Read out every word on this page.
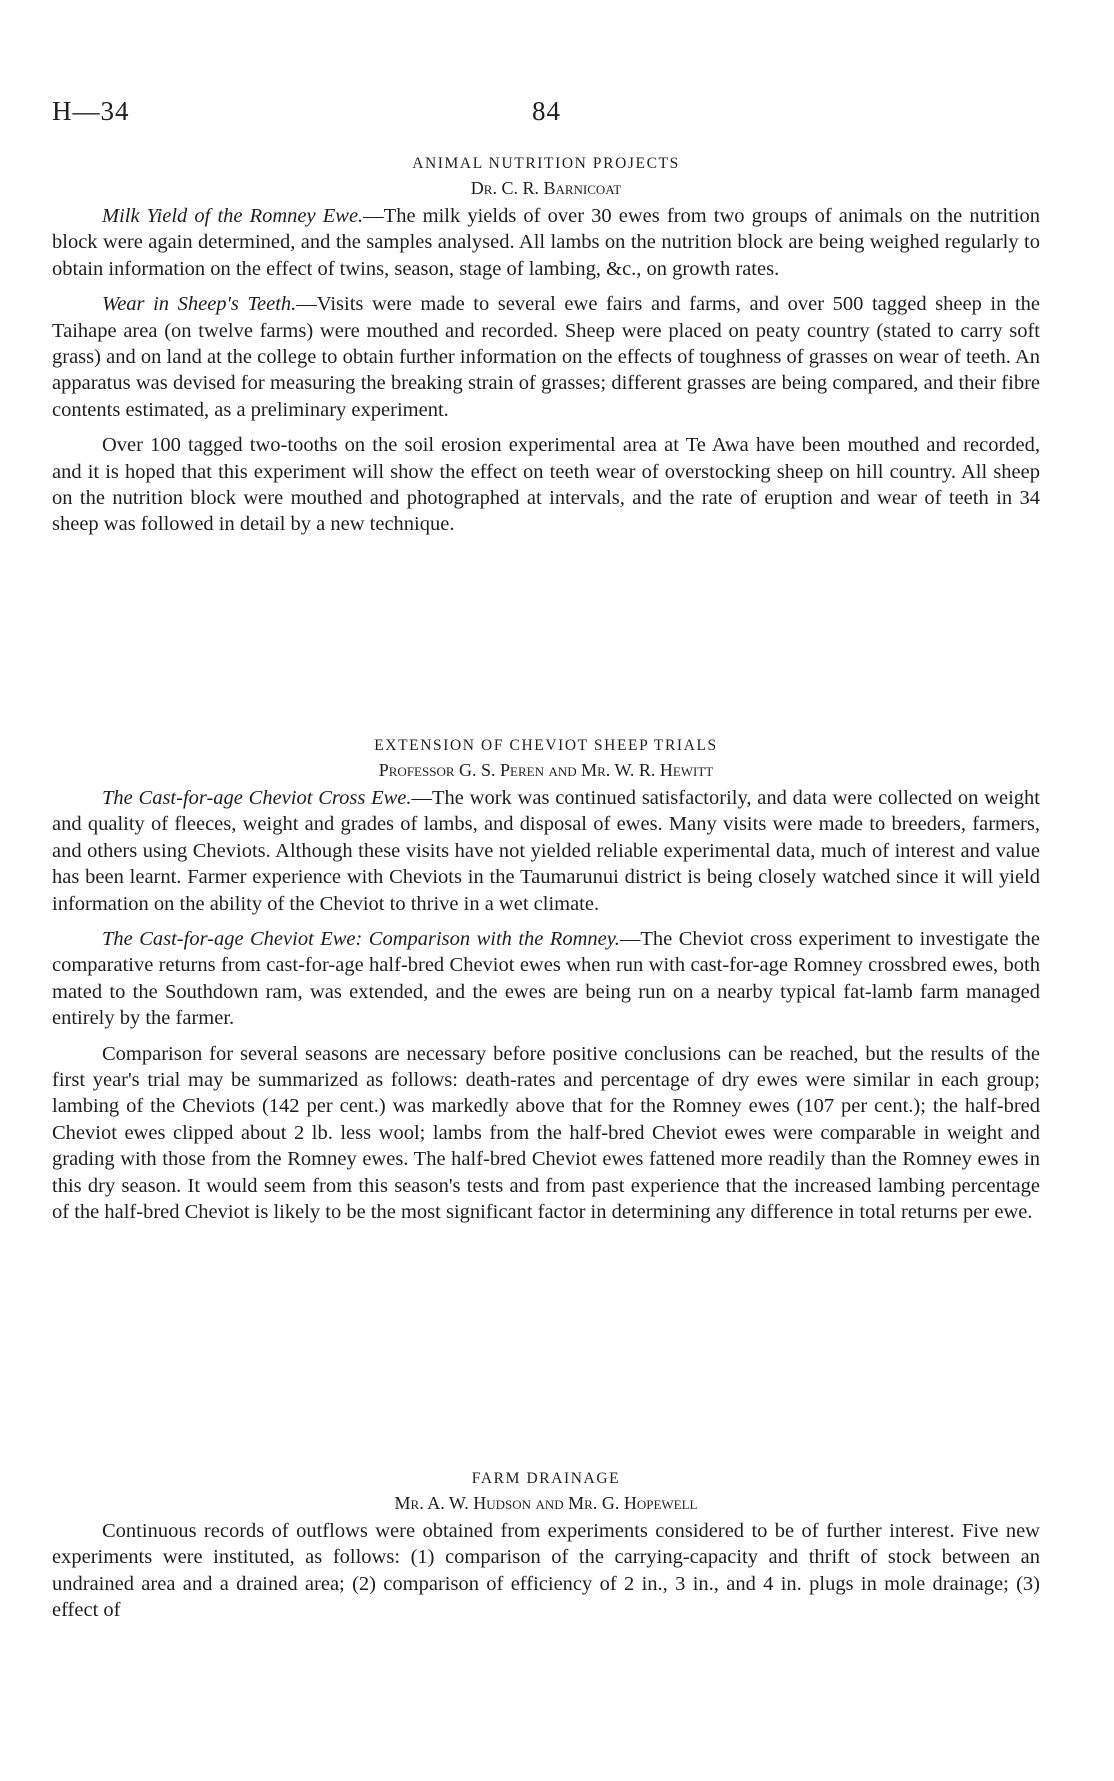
H—34	84
ANIMAL NUTRITION PROJECTS
Dr. C. R. Barnicoat

Milk Yield of the Romney Ewe.—The milk yields of over 30 ewes from two groups of animals on the nutrition block were again determined, and the samples analysed. All lambs on the nutrition block are being weighed regularly to obtain information on the effect of twins, season, stage of lambing, &c., on growth rates.

Wear in Sheep's Teeth.—Visits were made to several ewe fairs and farms, and over 500 tagged sheep in the Taihape area (on twelve farms) were mouthed and recorded. Sheep were placed on peaty country (stated to carry soft grass) and on land at the college to obtain further information on the effects of toughness of grasses on wear of teeth. An apparatus was devised for measuring the breaking strain of grasses; different grasses are being compared, and their fibre contents estimated, as a preliminary experiment.

Over 100 tagged two-tooths on the soil erosion experimental area at Te Awa have been mouthed and recorded, and it is hoped that this experiment will show the effect on teeth wear of overstocking sheep on hill country. All sheep on the nutrition block were mouthed and photographed at intervals, and the rate of eruption and wear of teeth in 34 sheep was followed in detail by a new technique.

EXTENSION OF CHEVIOT SHEEP TRIALS
Professor G. S. Peren and Mr. W. R. Hewitt

The Cast-for-age Cheviot Cross Ewe.—The work was continued satisfactorily, and data were collected on weight and quality of fleeces, weight and grades of lambs, and disposal of ewes. Many visits were made to breeders, farmers, and others using Cheviots. Although these visits have not yielded reliable experimental data, much of interest and value has been learnt. Farmer experience with Cheviots in the Taumarunui district is being closely watched since it will yield information on the ability of the Cheviot to thrive in a wet climate.

The Cast-for-age Cheviot Ewe: Comparison with the Romney.—The Cheviot cross experiment to investigate the comparative returns from cast-for-age half-bred Cheviot ewes when run with cast-for-age Romney crossbred ewes, both mated to the Southdown ram, was extended, and the ewes are being run on a nearby typical fat-lamb farm managed entirely by the farmer.

Comparison for several seasons are necessary before positive conclusions can be reached, but the results of the first year's trial may be summarized as follows: death-rates and percentage of dry ewes were similar in each group; lambing of the Cheviots (142 per cent.) was markedly above that for the Romney ewes (107 per cent.); the half-bred Cheviot ewes clipped about 2 lb. less wool; lambs from the half-bred Cheviot ewes were comparable in weight and grading with those from the Romney ewes. The half-bred Cheviot ewes fattened more readily than the Romney ewes in this dry season. It would seem from this season's tests and from past experience that the increased lambing percentage of the half-bred Cheviot is likely to be the most significant factor in determining any difference in total returns per ewe.

FARM DRAINAGE
Mr. A. W. Hudson and Mr. G. Hopewell

Continuous records of outflows were obtained from experiments considered to be of further interest. Five new experiments were instituted, as follows: (1) comparison of the carrying-capacity and thrift of stock between an undrained area and a drained area; (2) comparison of efficiency of 2 in., 3 in., and 4 in. plugs in mole drainage; (3) effect of
